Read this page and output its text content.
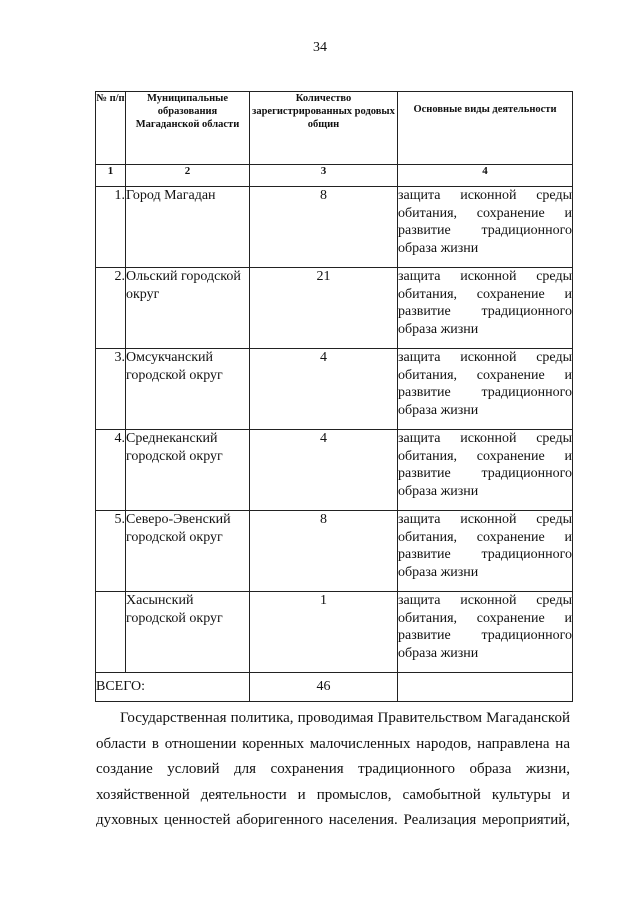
34
№ п/п	Муниципальные образования Магаданской области	Количество зарегистрированных родовых общин	Основные виды деятельности
1	2	3	4
1.	Город Магадан	8	защита исконной среды обитания, сохранение и развитие традиционного
образа жизни

2.	Ольский городской округ	21	защита исконной среды обитания, сохранение и развитие традиционного
образа жизни

3.	Омсукчанский городской округ	4	защита исконной среды обитания, сохранение и развитие традиционного
образа жизни

4.	Среднеканский городской округ	4	защита исконной среды обитания, сохранение и развитие традиционного
образа жизни

5.	Северо-Эвенский городской округ	8	защита исконной среды обитания, сохранение и развитие традиционного
образа жизни

	Хасынский городской округ	1	защита исконной среды обитания, сохранение и развитие традиционного
образа жизни

ВСЕГО:		46	

Государственная политика, проводимая Правительством Магаданской
области в отношении коренных малочисленных народов, направлена на
создание условий для сохранения традиционного образа жизни,
хозяйственной деятельности и промыслов, самобытной культуры и
духовных ценностей аборигенного населения. Реализация мероприятий,
